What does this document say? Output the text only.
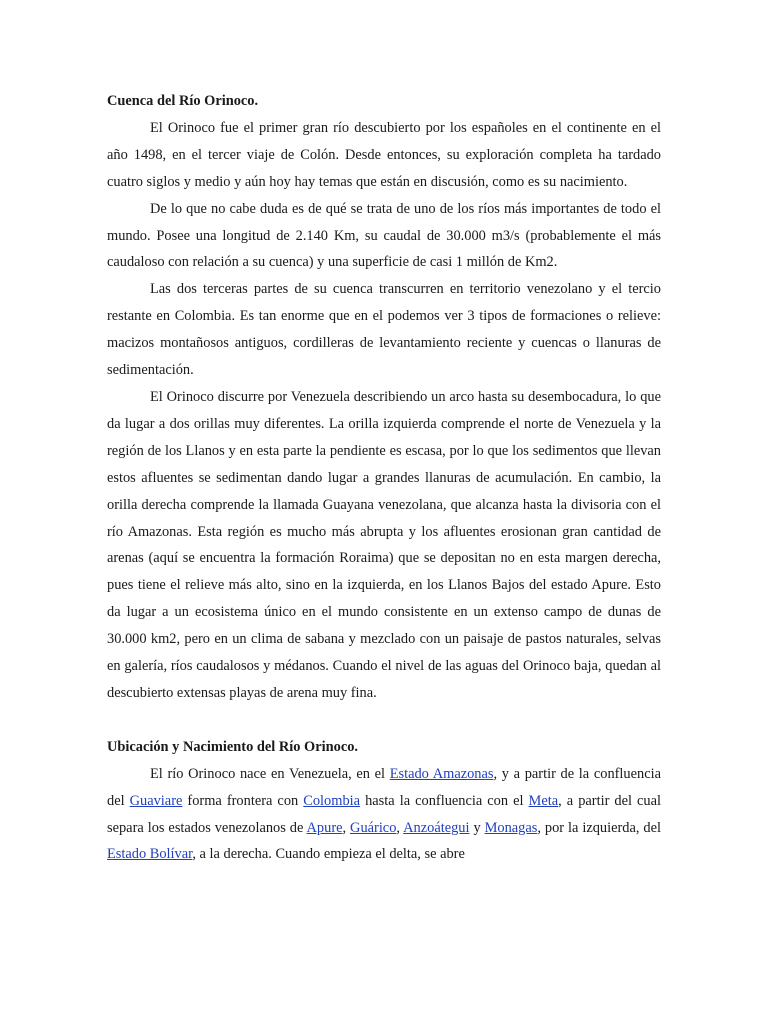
Cuenca del Río Orinoco.

El Orinoco fue el primer gran río descubierto por los españoles en el continente en el año 1498, en el tercer viaje de Colón. Desde entonces, su exploración completa ha tardado cuatro siglos y medio y aún hoy hay temas que están en discusión, como es su nacimiento.

De lo que no cabe duda es de qué se trata de uno de los ríos más importantes de todo el mundo. Posee una longitud de 2.140 Km, su caudal de 30.000 m3/s (probablemente el más caudaloso con relación a su cuenca) y una superficie de casi 1 millón de Km2.

Las dos terceras partes de su cuenca transcurren en territorio venezolano y el tercio restante en Colombia. Es tan enorme que en el podemos ver 3 tipos de formaciones o relieve: macizos montañosos antiguos, cordilleras de levantamiento reciente y cuencas o llanuras de sedimentación.

El Orinoco discurre por Venezuela describiendo un arco hasta su desembocadura, lo que da lugar a dos orillas muy diferentes. La orilla izquierda comprende el norte de Venezuela y la región de los Llanos y en esta parte la pendiente es escasa, por lo que los sedimentos que llevan estos afluentes se sedimentan dando lugar a grandes llanuras de acumulación. En cambio, la orilla derecha comprende la llamada Guayana venezolana, que alcanza hasta la divisoria con el río Amazonas. Esta región es mucho más abrupta y los afluentes erosionan gran cantidad de arenas (aquí se encuentra la formación Roraima) que se depositan no en esta margen derecha, pues tiene el relieve más alto, sino en la izquierda, en los Llanos Bajos del estado Apure. Esto da lugar a un ecosistema único en el mundo consistente en un extenso campo de dunas de 30.000 km2, pero en un clima de sabana y mezclado con un paisaje de pastos naturales, selvas en galería, ríos caudalosos y médanos. Cuando el nivel de las aguas del Orinoco baja, quedan al descubierto extensas playas de arena muy fina.

Ubicación y Nacimiento del Río Orinoco.

El río Orinoco nace en Venezuela, en el Estado Amazonas, y a partir de la confluencia del Guaviare forma frontera con Colombia hasta la confluencia con el Meta, a partir del cual separa los estados venezolanos de Apure, Guárico, Anzoátegui y Monagas, por la izquierda, del Estado Bolívar, a la derecha. Cuando empieza el delta, se abre
